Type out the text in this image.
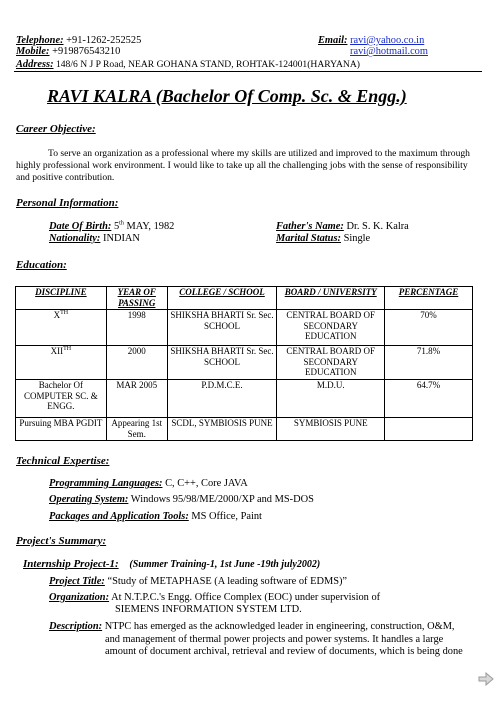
Telephone: +91-1262-252525
Mobile: +919876543210
Address: 148/6 N J P Road, NEAR GOHANA STAND, ROHTAK-124001(HARYANA)
Email: ravi@yahoo.co.in
ravi@hotmail.com
RAVI KALRA (Bachelor Of Comp. Sc. & Engg.)
Career Objective:
To serve an organization as a professional where my skills are utilized and improved to the maximum through highly professional work environment. I would like to take up all the challenging jobs with the sense of responsibility and positive contribution.
Personal Information:
Date Of Birth: 5th MAY, 1982
Nationality: INDIAN
Father's Name: Dr. S. K. Kalra
Marital Status: Single
Education:
DISCIPLINE	YEAR OF PASSING	COLLEGE / SCHOOL	BOARD / UNIVERSITY	PERCENTAGE
XTH	1998	SHIKSHA BHARTI Sr. Sec. SCHOOL	CENTRAL BOARD OF SECONDARY EDUCATION	70%
XIITH	2000	SHIKSHA BHARTI Sr. Sec. SCHOOL	CENTRAL BOARD OF SECONDARY EDUCATION	71.8%
Bachelor Of COMPUTER SC. & ENGG.	MAR 2005	P.D.M.C.E.	M.D.U.	64.7%
Pursuing MBA PGDIT	Appearing 1st Sem.	SCDL, SYMBIOSIS PUNE	SYMBIOSIS PUNE	
Technical Expertise:
Programming Languages: C, C++, Core JAVA
Operating System: Windows 95/98/ME/2000/XP and MS-DOS
Packages and Application Tools: MS Office, Paint
Project's Summary:
Internship Project-1: (Summer Training-1, 1st June -19th july2002)
Project Title: “Study of METAPHASE (A leading software of EDMS)”
Organization: At N.T.P.C.'s Engg. Office Complex (EOC) under supervision of
SIEMENS INFORMATION SYSTEM LTD.
Description: NTPC has emerged as the acknowledged leader in engineering, construction, O&M,
and management of thermal power projects and power systems. It handles a large
amount of document archival, retrieval and review of documents, which is being done
